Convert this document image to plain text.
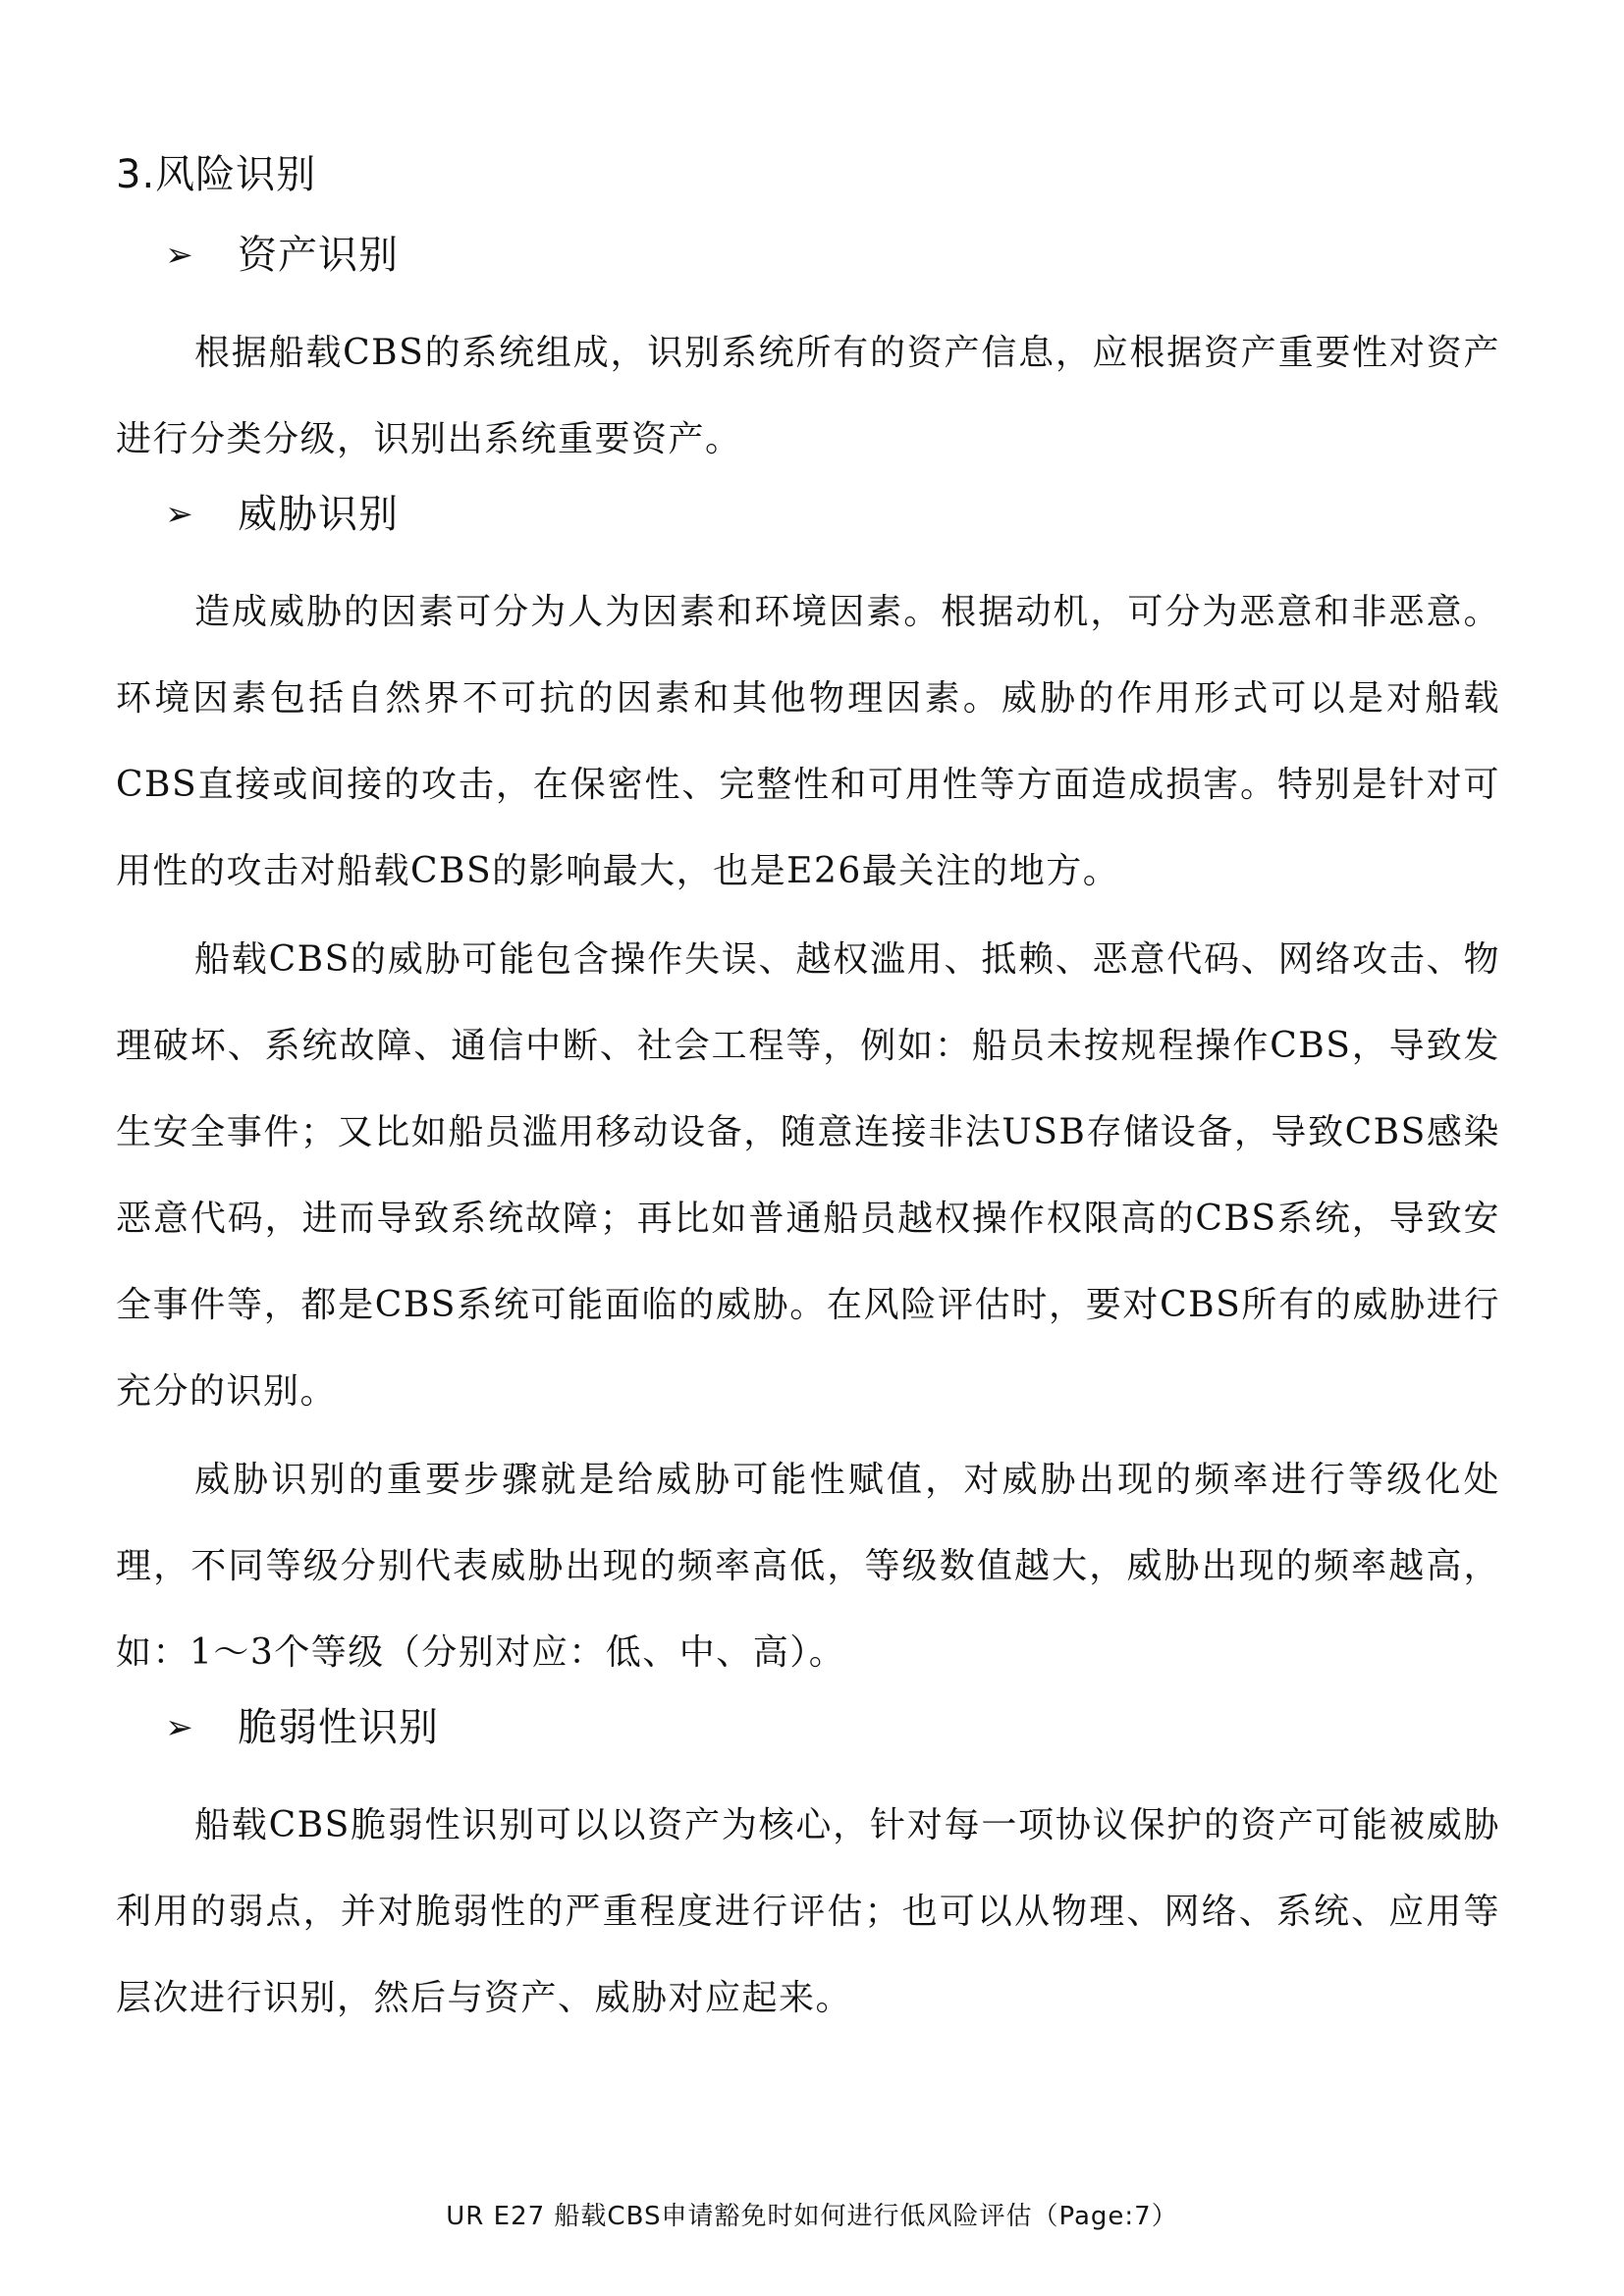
3.风险识别
➢ 资产识别

根据船载CBS的系统组成，识别系统所有的资产信息，应根据资产重要性对资产进行分类分级，识别出系统重要资产。

➢ 威胁识别

造成威胁的因素可分为人为因素和环境因素。根据动机，可分为恶意和非恶意。环境因素包括自然界不可抗的因素和其他物理因素。威胁的作用形式可以是对船载CBS直接或间接的攻击，在保密性、完整性和可用性等方面造成损害。特别是针对可用性的攻击对船载CBS的影响最大，也是E26最关注的地方。

船载CBS的威胁可能包含操作失误、越权滥用、抵赖、恶意代码、网络攻击、物理破坏、系统故障、通信中断、社会工程等，例如：船员未按规程操作CBS，导致发生安全事件；又比如船员滥用移动设备，随意连接非法USB存储设备，导致CBS感染恶意代码，进而导致系统故障；再比如普通船员越权操作权限高的CBS系统，导致安全事件等，都是CBS系统可能面临的威胁。在风险评估时，要对CBS所有的威胁进行充分的识别。

威胁识别的重要步骤就是给威胁可能性赋值，对威胁出现的频率进行等级化处理，不同等级分别代表威胁出现的频率高低，等级数值越大，威胁出现的频率越高，如：1～3个等级（分别对应：低、中、高）。

➢ 脆弱性识别

船载CBS脆弱性识别可以以资产为核心，针对每一项协议保护的资产可能被威胁利用的弱点，并对脆弱性的严重程度进行评估；也可以从物理、网络、系统、应用等层次进行识别，然后与资产、威胁对应起来。

UR E27 船载CBS申请豁免时如何进行低风险评估（Page:7）
